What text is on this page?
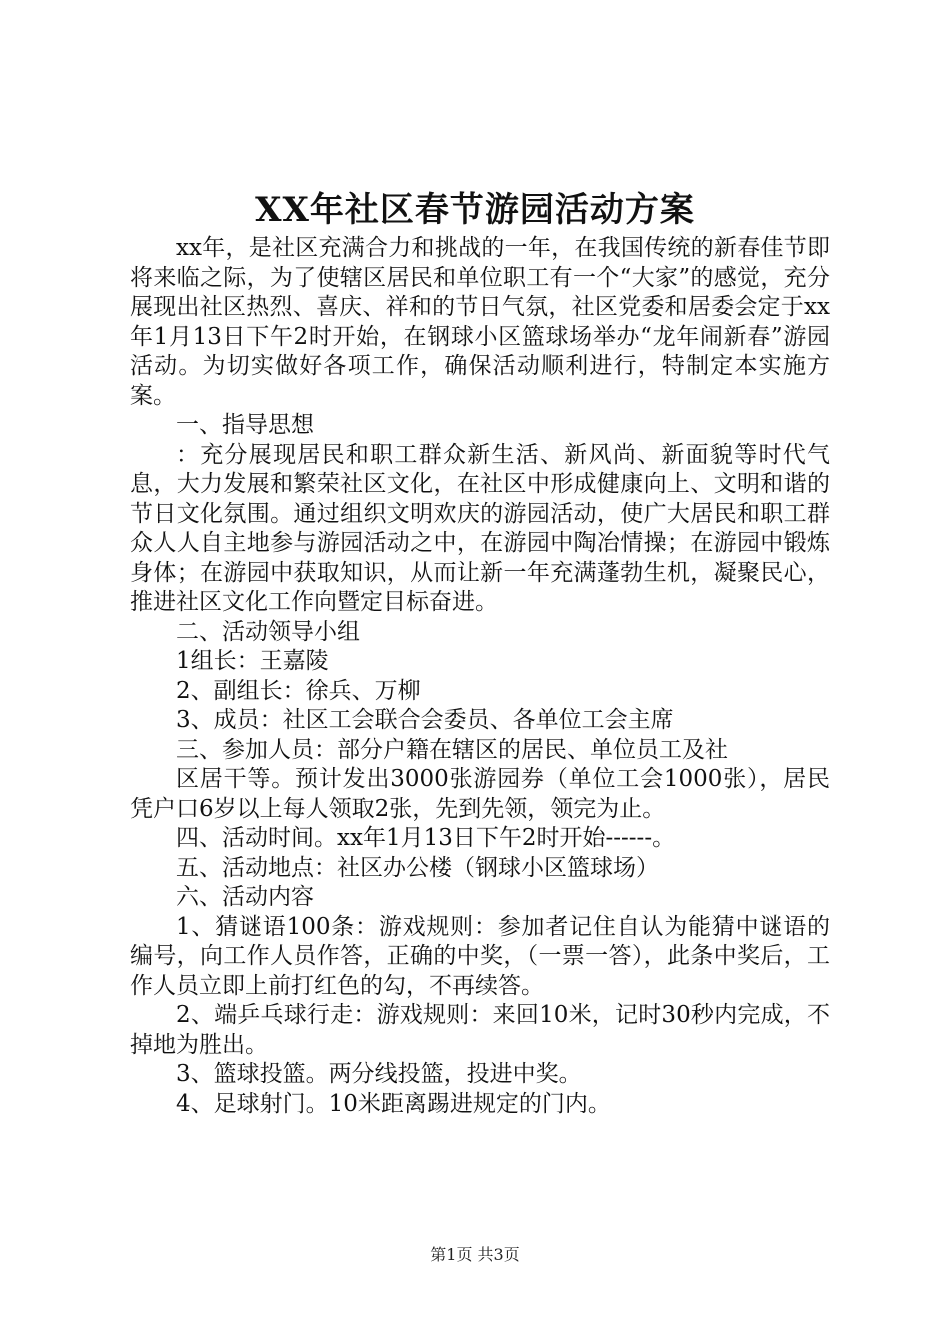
XX年社区春节游园活动方案

xx年，是社区充满合力和挑战的一年，在我国传统的新春佳节即将来临之际，为了使辖区居民和单位职工有一个“大家”的感觉，充分展现出社区热烈、喜庆、祥和的节日气氛，社区党委和居委会定于xx年1月13日下午2时开始，在钢球小区篮球场举办“龙年闹新春”游园活动。为切实做好各项工作，确保活动顺利进行，特制定本实施方案。

一、指导思想

：充分展现居民和职工群众新生活、新风尚、新面貌等时代气息，大力发展和繁荣社区文化，在社区中形成健康向上、文明和谐的节日文化氛围。通过组织文明欢庆的游园活动，使广大居民和职工群众人人自主地参与游园活动之中，在游园中陶冶情操；在游园中锻炼身体；在游园中获取知识，从而让新一年充满蓬勃生机，凝聚民心，推进社区文化工作向暨定目标奋进。

二、活动领导小组

1组长：王嘉陵

2、副组长：徐兵、万柳

3、成员：社区工会联合会委员、各单位工会主席

三、参加人员：部分户籍在辖区的居民、单位员工及社

区居干等。预计发出3000张游园券（单位工会1000张），居民凭户口6岁以上每人领取2张，先到先领，领完为止。

四、活动时间。xx年1月13日下午2时开始------。

五、活动地点：社区办公楼（钢球小区篮球场）

六、活动内容

1、猜谜语100条：游戏规则：参加者记住自认为能猜中谜语的编号，向工作人员作答，正确的中奖，（一票一答），此条中奖后，工作人员立即上前打红色的勾，不再续答。

2、端乒乓球行走：游戏规则：来回10米，记时30秒内完成，不掉地为胜出。

3、篮球投篮。两分线投篮，投进中奖。

4、足球射门。10米距离踢进规定的门内。

第1页 共3页
